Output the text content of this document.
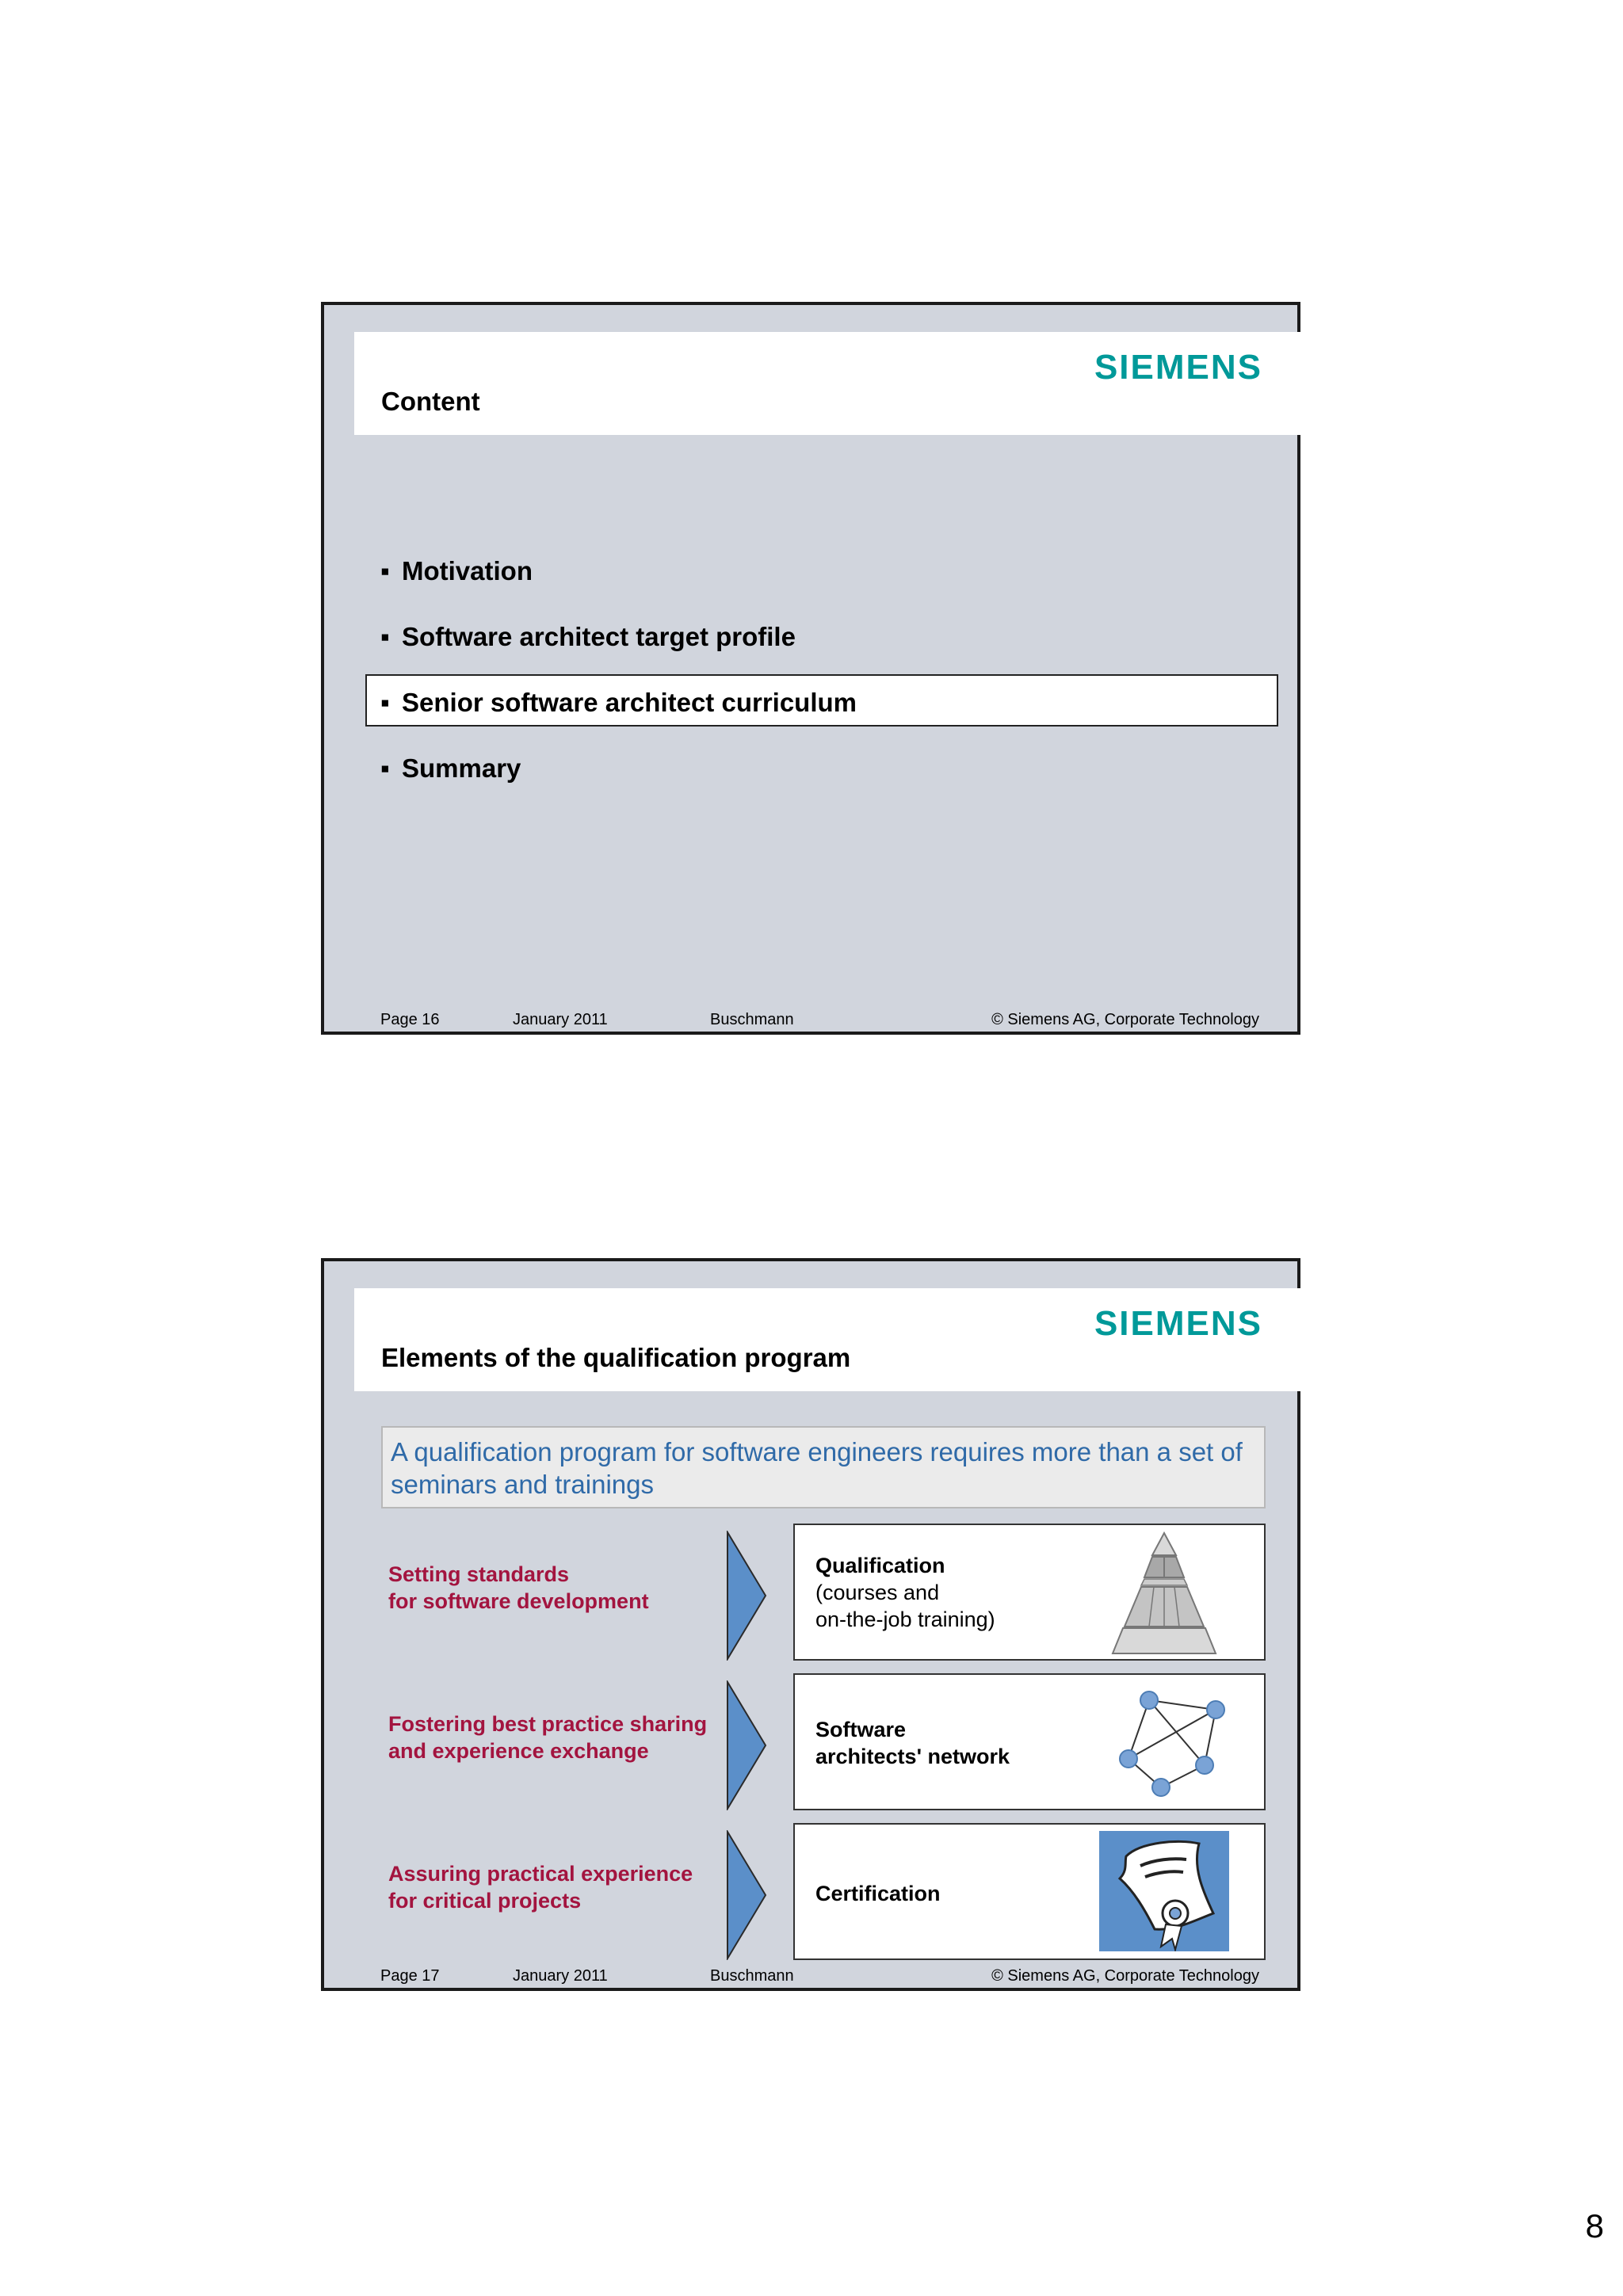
SIEMENS
Content
▪ Motivation
▪ Software architect target profile
▪ Senior software architect curriculum
▪ Summary
Page 16	January 2011	Buschmann	© Siemens AG, Corporate Technology
SIEMENS
Elements of the qualification program
A qualification program for software engineers requires more than a set of seminars and trainings
Setting standards
for software development
Qualification
(courses and
on-the-job training)
Fostering best practice sharing
and experience exchange
Software
architects' network
Assuring practical experience
for critical projects	Certification
Page 17	January 2011	Buschmann	© Siemens AG, Corporate Technology
8
